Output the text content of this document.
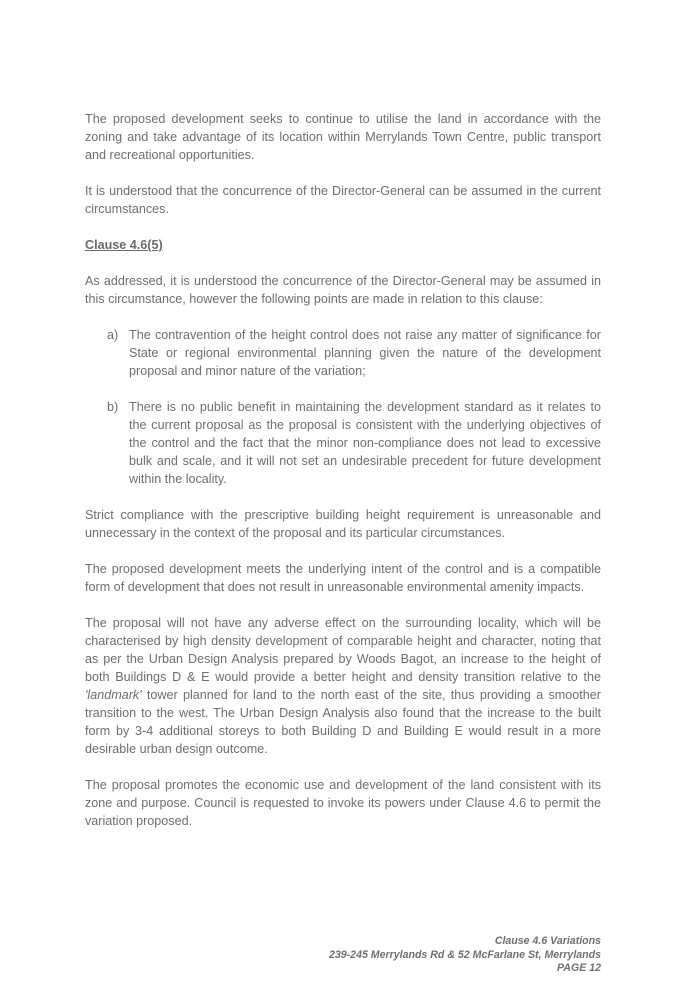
The proposed development seeks to continue to utilise the land in accordance with the zoning and take advantage of its location within Merrylands Town Centre, public transport and recreational opportunities.

It is understood that the concurrence of the Director-General can be assumed in the current circumstances.

Clause 4.6(5)

As addressed, it is understood the concurrence of the Director-General may be assumed in this circumstance, however the following points are made in relation to this clause:

a) The contravention of the height control does not raise any matter of significance for State or regional environmental planning given the nature of the development proposal and minor nature of the variation;
b) There is no public benefit in maintaining the development standard as it relates to the current proposal as the proposal is consistent with the underlying objectives of the control and the fact that the minor non-compliance does not lead to excessive bulk and scale, and it will not set an undesirable precedent for future development within the locality.

Strict compliance with the prescriptive building height requirement is unreasonable and unnecessary in the context of the proposal and its particular circumstances.

The proposed development meets the underlying intent of the control and is a compatible form of development that does not result in unreasonable environmental amenity impacts.

The proposal will not have any adverse effect on the surrounding locality, which will be characterised by high density development of comparable height and character, noting that as per the Urban Design Analysis prepared by Woods Bagot, an increase to the height of both Buildings D & E would provide a better height and density transition relative to the 'landmark' tower planned for land to the north east of the site, thus providing a smoother transition to the west. The Urban Design Analysis also found that the increase to the built form by 3-4 additional storeys to both Building D and Building E would result in a more desirable urban design outcome.

The proposal promotes the economic use and development of the land consistent with its zone and purpose. Council is requested to invoke its powers under Clause 4.6 to permit the variation proposed.

Clause 4.6 Variations
239-245 Merrylands Rd & 52 McFarlane St, Merrylands
PAGE 12
